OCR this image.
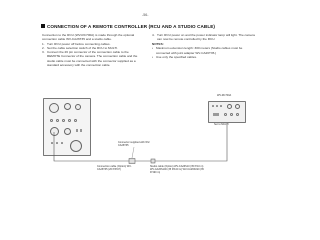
-56-
CONNECTION OF A REMOTE CONTROLLER (RCU AND A STUDIO CABLE)

Connection to the RCU (WV-RC700A) is made through the optional connection cable WV-CA26T35 and a studio cable.

1. Turn RCU power off before connecting cables.
2. Set the cable selection switch of the RCU to MULTI.
3. Connect the 26 pin connector of the connection cable to the REMOTE Connector of the camera. The connection cable and the studio cable must be connected with the connector supplied as a standard accessory with the connection cable.
4. Turn RCU power on and the power indicator lamp will light. The camera can now be remote controlled by the RCU.
NOTES:
• Maximum extension length: 300 meters (Studio cables must be connected with joint adapter WV-CA26T35.)
• Use only the specified cables.
WV-RC700A
Set to MULTI
Connector supplied with WV-CA26T35
Connection cable (Option) WV-CA26T35 (26 P/35 P)
Studio cable (Option) WV-CA26S10 (35 P/10 m) WV-CA26S100 (35 P/100 m) WV-CA26S190 (35 P/190 m)
